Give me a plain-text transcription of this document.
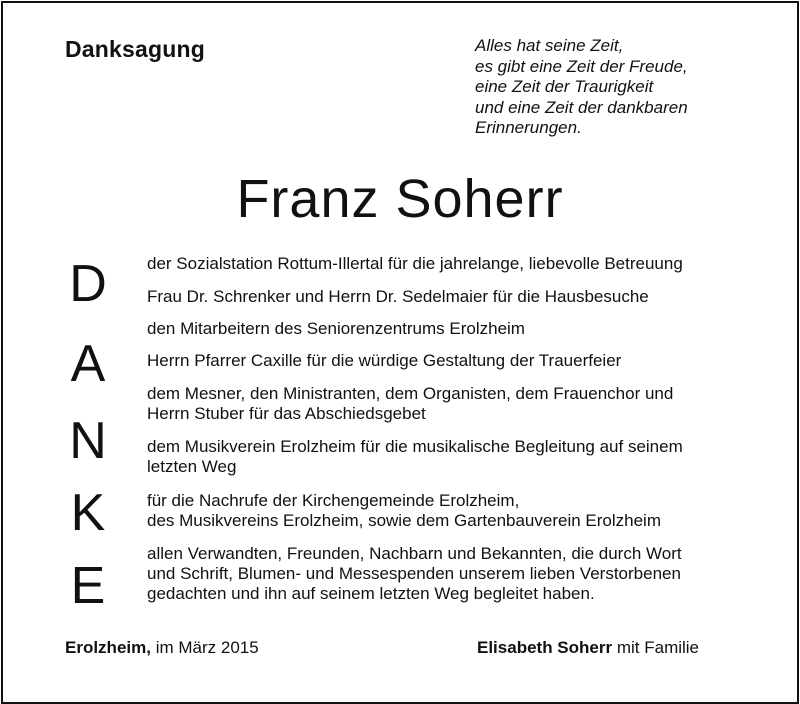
Danksagung	Alles hat seine Zeit,
es gibt eine Zeit der Freude,
eine Zeit der Traurigkeit
und eine Zeit der dankbaren
Erinnerungen.
Franz Soherr
D
A
N
K
E
der Sozialstation Rottum-Illertal für die jahrelange, liebevolle Betreuung
Frau Dr. Schrenker und Herrn Dr. Sedelmaier für die Hausbesuche
den Mitarbeitern des Seniorenzentrums Erolzheim
Herrn Pfarrer Caxille für die würdige Gestaltung der Trauerfeier
dem Mesner, den Ministranten, dem Organisten, dem Frauenchor und
Herrn Stuber für das Abschiedsgebet
dem Musikverein Erolzheim für die musikalische Begleitung auf seinem
letzten Weg
für die Nachrufe der Kirchengemeinde Erolzheim,
des Musikvereins Erolzheim, sowie dem Gartenbauverein Erolzheim
allen Verwandten, Freunden, Nachbarn und Bekannten, die durch Wort
und Schrift, Blumen- und Messespenden unserem lieben Verstorbenen
gedachten und ihn auf seinem letzten Weg begleitet haben.
Erolzheim, im März 2015	Elisabeth Soherr mit Familie
